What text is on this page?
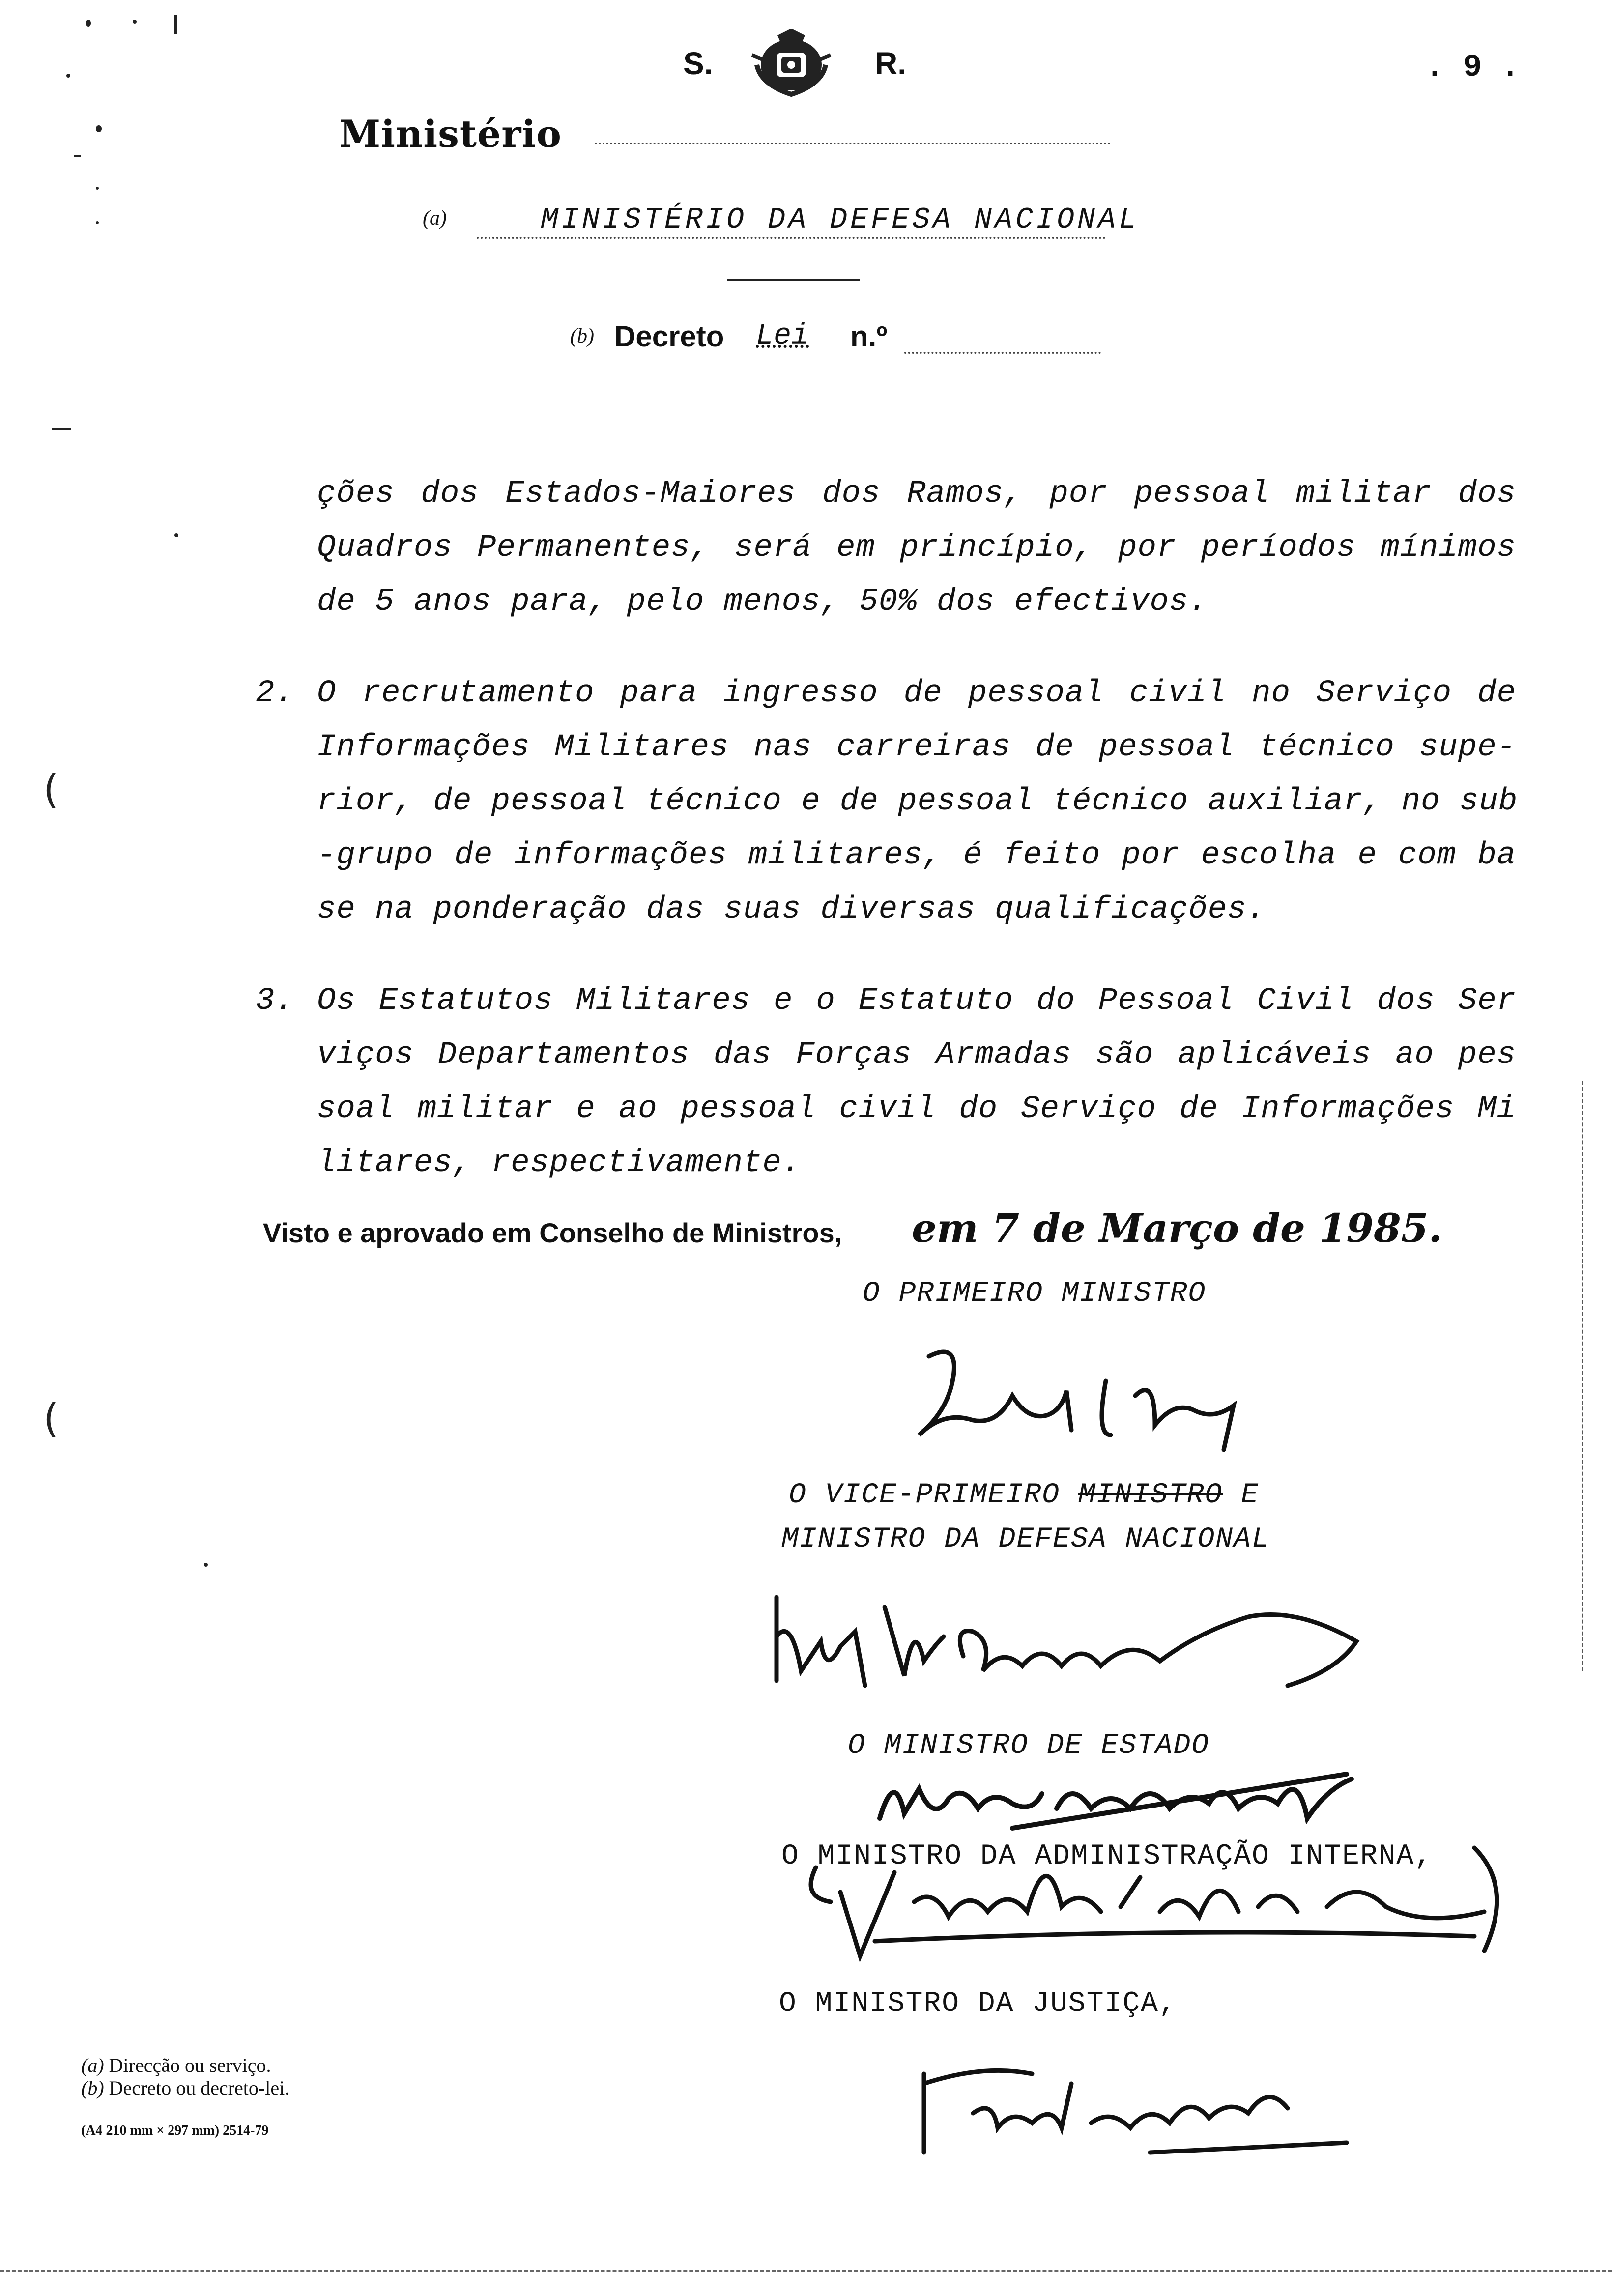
(
(
S.	R.	. 9 .
Ministério
(a)	MINISTÉRIO DA DEFESA NACIONAL
(b) Decreto Lei n.º
ções dos Estados-Maiores dos Ramos, por pessoal militar dos
Quadros Permanentes, será em princípio, por períodos mínimos
de 5 anos para, pelo menos, 50% dos efectivos.
2. O recrutamento para ingresso de pessoal civil no Serviço de
Informações Militares nas carreiras de pessoal técnico supe-
rior, de pessoal técnico e de pessoal técnico auxiliar, no sub
-grupo de informações militares, é feito por escolha e com ba
se na ponderação das suas diversas qualificações.
3. Os Estatutos Militares e o Estatuto do Pessoal Civil dos Ser
viços Departamentos das Forças Armadas são aplicáveis ao pes
soal militar e ao pessoal civil do Serviço de Informações Mi
litares, respectivamente.
Visto e aprovado em Conselho de Ministros, em 7 de Março de 1985.
O PRIMEIRO MINISTRO
O VICE-PRIMEIRO MINISTRO E
MINISTRO DA DEFESA NACIONAL
O MINISTRO DE ESTADO
O MINISTRO DA ADMINISTRAÇÃO INTERNA,
O MINISTRO DA JUSTIÇA,
(a) Direcção ou serviço.
(b) Decreto ou decreto-lei.
(A4 210 mm × 297 mm) 2514-79
